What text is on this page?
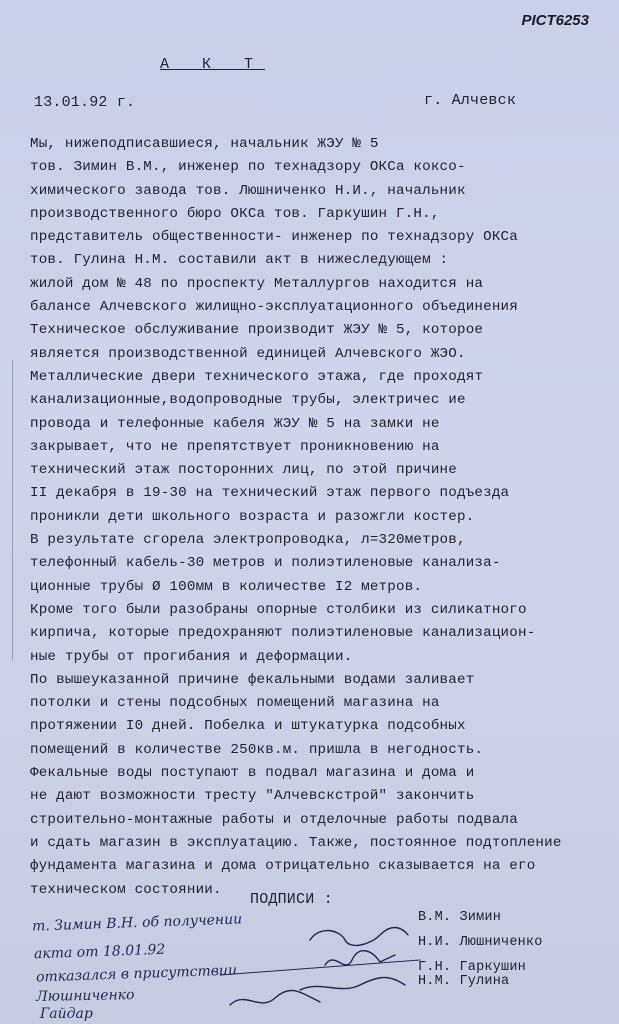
PICT6253
А К Т
13.01.92 г.	г. Алчевск
Мы, нижеподписавшиеся, начальник ЖЭУ № 5
тов. Зимин В.М., инженер по технадзору ОКСа коксо-
химического завода тов. Люшниченко Н.И., начальник
производственного бюро ОКСа тов. Гаркушин Г.Н.,
представитель общественности- инженер по технадзору ОКСа
тов. Гулина Н.М. составили акт в нижеследующем :
жилой дом № 48 по проспекту Металлургов находится на
балансе Алчевского жилищно-эксплуатационного объединения
Техническое обслуживание производит ЖЭУ № 5, которое
является производственной единицей Алчевского ЖЭО.
Металлические двери технического этажа, где проходят
канализационные,водопроводные трубы, электричес ие
провода и телефонные кабеля ЖЭУ № 5 на замки не
закрывает, что не препятствует проникновению на
технический этаж посторонних лиц, по этой причине
II декабря в 19-30 на технический этаж первого подъезда
проникли дети школьного возраста и разожгли костер.
В результате сгорела электропроводка, л=320метров,
телефонный кабель-30 метров и полиэтиленовые канализа-
ционные трубы Ø 100мм в количестве I2 метров.
Кроме того были разобраны опорные столбики из силикатного
кирпича, которые предохраняют полиэтиленовые канализацион-
ные трубы от прогибания и деформации.
По вышеуказанной причине фекальными водами заливает
потолки и стены подсобных помещений магазина на
протяжении I0 дней. Побелка и штукатурка подсобных
помещений в количестве 250кв.м. пришла в негодность.
Фекальные воды поступают в подвал магазина и дома и
не дают возможности тресту "Алчевскстрой" закончить
строительно-монтажные работы и отделочные работы подвала
и сдать магазин в эксплуатацию. Также, постоянное подтопление
фундамента магазина и дома отрицательно сказывается на его
техническом состоянии.
ПОДПИСИ :
В.М. Зимин
Н.И. Люшниченко
Г.Н. Гаркушин
Н.М. Гулина
т. Зимин В.Н. об получении
акта от 18.01.92
отказался в присутствии
Люшниченко
Гайдар
